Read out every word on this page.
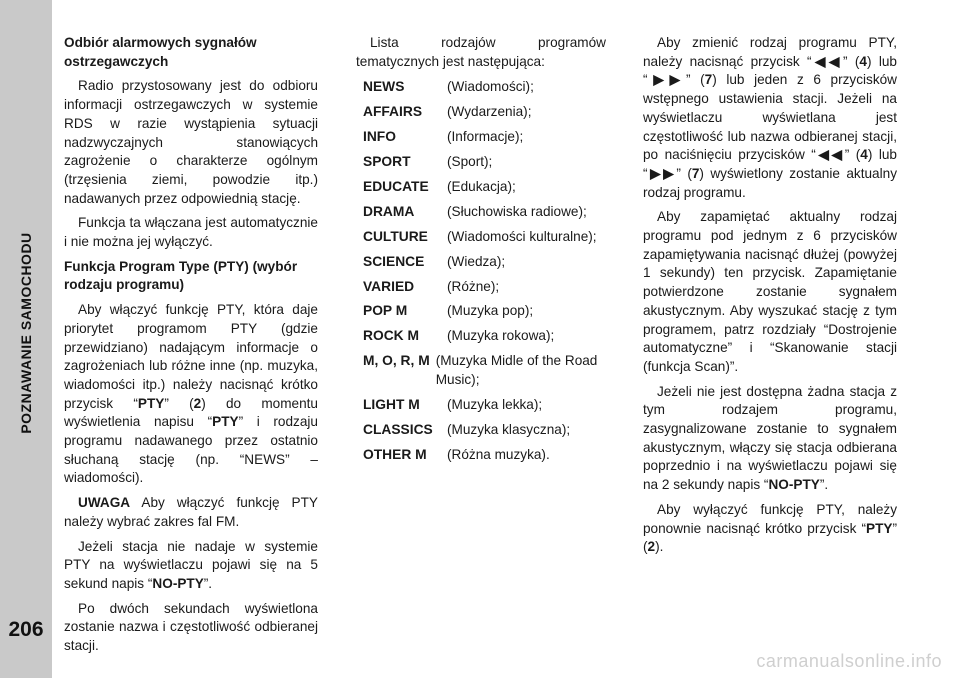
POZNAWANIE SAMOCHODU
206

Odbiór alarmowych sygnałów ostrzegawczych

Radio przystosowany jest do odbioru informacji ostrzegawczych w systemie RDS w razie wystąpienia sytuacji nadzwyczajnych stanowiących zagrożenie o charakterze ogólnym (trzęsienia ziemi, powodzie itp.) nadawanych przez odpowiednią stację.

Funkcja ta włączana jest automatycznie i nie można jej wyłączyć.

Funkcja Program Type (PTY) (wybór rodzaju programu)

Aby włączyć funkcję PTY, która daje priorytet programom PTY (gdzie przewidziano) nadającym informacje o zagrożeniach lub różne inne (np. muzyka, wiadomości itp.) należy nacisnąć krótko przycisk “PTY” (2) do momentu wyświetlenia napisu “PTY” i rodzaju programu nadawanego przez ostatnio słuchaną stację (np. “NEWS” – wiadomości).

UWAGA Aby włączyć funkcję PTY należy wybrać zakres fal FM.

Jeżeli stacja nie nadaje w systemie PTY na wyświetlaczu pojawi się na 5 sekund napis “NO-PTY”.

Po dwóch sekundach wyświetlona zostanie nazwa i częstotliwość odbieranej stacji.

Lista rodzajów programów tematycznych jest następująca:

NEWS	(Wiadomości);
AFFAIRS	(Wydarzenia);
INFO	(Informacje);
SPORT	(Sport);
EDUCATE	(Edukacja);
DRAMA	(Słuchowiska radiowe);
CULTURE	(Wiadomości kulturalne);
SCIENCE	(Wiedza);
VARIED	(Różne);
POP M	(Muzyka pop);
ROCK M	(Muzyka rokowa);
M, O, R, M (Muzyka Midle of the Road Music);
LIGHT M	(Muzyka lekka);
CLASSICS	(Muzyka klasyczna);
OTHER M	(Różna muzyka).

Aby zmienić rodzaj programu PTY, należy nacisnąć przycisk “◀◀” (4) lub “▶▶” (7) lub jeden z 6 przycisków wstępnego ustawienia stacji. Jeżeli na wyświetlaczu wyświetlana jest częstotliwość lub nazwa odbieranej stacji, po naciśnięciu przycisków “◀◀” (4) lub “▶▶” (7) wyświetlony zostanie aktualny rodzaj programu.

Aby zapamiętać aktualny rodzaj programu pod jednym z 6 przycisków zapamiętywania nacisnąć dłużej (powyżej 1 sekundy) ten przycisk. Zapamiętanie potwierdzone zostanie sygnałem akustycznym. Aby wyszukać stację z tym programem, patrz rozdziały “Dostrojenie automatyczne” i “Skanowanie stacji (funkcja Scan)”.

Jeżeli nie jest dostępna żadna stacja z tym rodzajem programu, zasygnalizowane zostanie to sygnałem akustycznym, włączy się stacja odbierana poprzednio i na wyświetlaczu pojawi się na 2 sekundy napis “NO-PTY”.

Aby wyłączyć funkcję PTY, należy ponownie nacisnąć krótko przycisk “PTY” (2).

carmanualsonline.info
